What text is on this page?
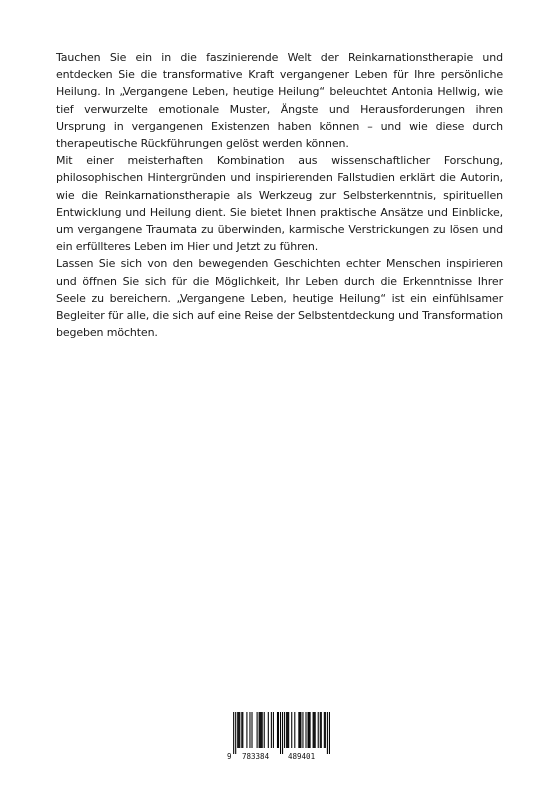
Tauchen Sie ein in die faszinierende Welt der Reinkarnationstherapie und entdecken Sie die transformative Kraft vergangener Leben für Ihre persönliche Heilung. In „Vergangene Leben, heutige Heilung“ beleuchtet Antonia Hellwig, wie tief verwurzelte emotionale Muster, Ängste und Herausforderungen ihren Ursprung in vergangenen Existenzen haben können – und wie diese durch therapeutische Rückführungen gelöst werden können.

Mit einer meisterhaften Kombination aus wissenschaftlicher Forschung, philosophischen Hintergründen und inspirierenden Fallstudien erklärt die Autorin, wie die Reinkarnationstherapie als Werkzeug zur Selbsterkenntnis, spirituellen Entwicklung und Heilung dient. Sie bietet Ihnen praktische Ansätze und Einblicke, um vergangene Traumata zu überwinden, karmische Verstrickungen zu lösen und ein erfüllteres Leben im Hier und Jetzt zu führen.

Lassen Sie sich von den bewegenden Geschichten echter Menschen inspirieren und öffnen Sie sich für die Möglichkeit, Ihr Leben durch die Erkenntnisse Ihrer Seele zu bereichern. „Vergangene Leben, heutige Heilung“ ist ein einfühlsamer Begleiter für alle, die sich auf eine Reise der Selbstentdeckung und Transformation begeben möchten.

9 783384	489401
